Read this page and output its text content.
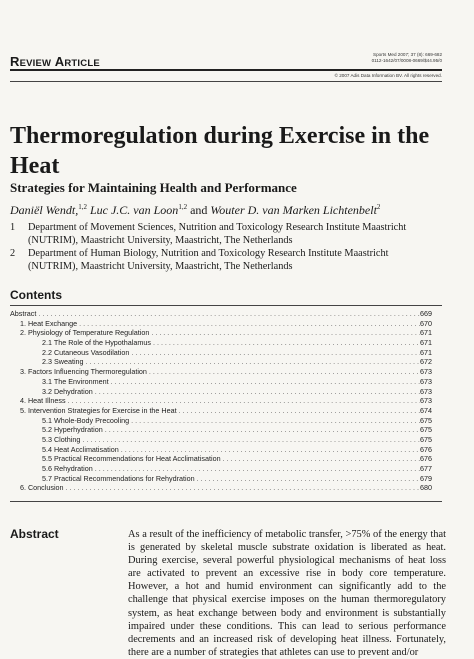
REVIEW ARTICLE
Sports Med 2007; 37 (8): 669-682
0112-1642/07/0008-0669/$44.95/0
© 2007 Adis Data Information BV. All rights reserved.
Thermoregulation during Exercise in the Heat
Strategies for Maintaining Health and Performance
Daniël Wendt,$^{1,2}$ Luc J.C. van Loon$^{1,2}$ and Wouter D. van Marken Lichtenbelt$^2$
1	Department of Movement Sciences, Nutrition and Toxicology Research Institute Maastricht (NUTRIM), Maastricht University, Maastricht, The Netherlands
2	Department of Human Biology, Nutrition and Toxicology Research Institute Maastricht (NUTRIM), Maastricht University, Maastricht, The Netherlands
Contents
Abstract . . .	669
1. Heat Exchange . . .	670
2. Physiology of Temperature Regulation . . .	671
2.1 The Role of the Hypothalamus . . .	671
2.2 Cutaneous Vasodilation . . .	671
2.3 Sweating . . .	672
3. Factors Influencing Thermoregulation . . .	673
3.1 The Environment . . .	673
3.2 Dehydration . . .	673
4. Heat Illness . . .	673
5. Intervention Strategies for Exercise in the Heat . . .	674
5.1 Whole-Body Precooling . . .	675
5.2 Hyperhydration . . .	675
5.3 Clothing . . .	675
5.4 Heat Acclimatisation . . .	676
5.5 Practical Recommendations for Heat Acclimatisation . . .	676
5.6 Rehydration . . .	677
5.7 Practical Recommendations for Rehydration . . .	679
6. Conclusion . . .	680
Abstract	As a result of the inefficiency of metabolic transfer, >75% of the energy that is generated by skeletal muscle substrate oxidation is liberated as heat. During exercise, several powerful physiological mechanisms of heat loss are activated to prevent an excessive rise in body core temperature. However, a hot and humid environment can significantly add to the challenge that physical exercise imposes on the human thermoregulatory system, as heat exchange between body and environment is substantially impaired under these conditions. This can lead to serious performance decrements and an increased risk of developing heat illness. Fortunately, there are a number of strategies that athletes can use to prevent and/or
